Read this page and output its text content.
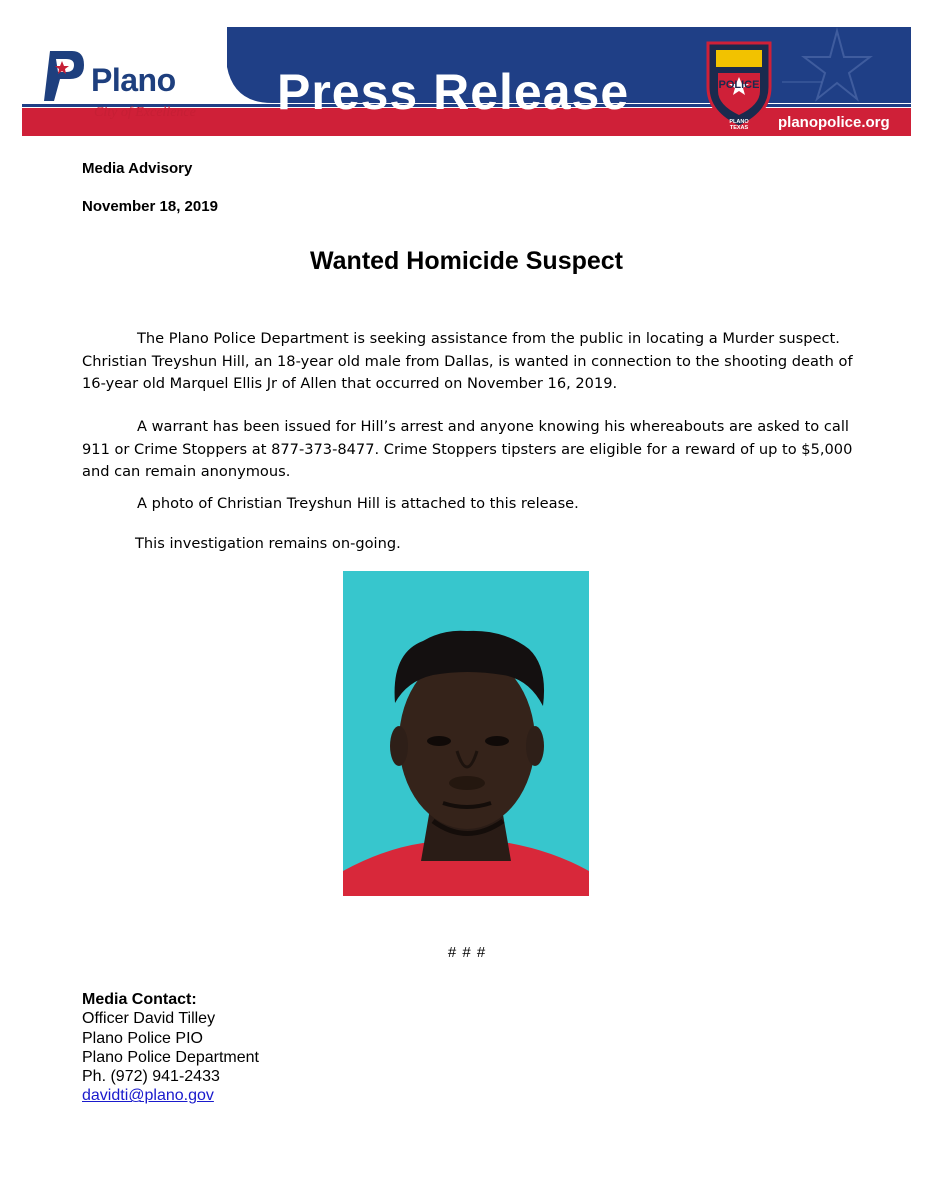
Plano
City of Excellence Press Release	POLICE
PLANO
TEXAS planopolice.org
Media Advisory
November 18, 2019
Wanted Homicide Suspect

The Plano Police Department is seeking assistance from the public in locating a Murder suspect. Christian Treyshun Hill, an 18-year old male from Dallas, is wanted in connection to the shooting death of 16-year old Marquel Ellis Jr of Allen that occurred on November 16, 2019.

A warrant has been issued for Hill’s arrest and anyone knowing his whereabouts are asked to call 911 or Crime Stoppers at 877-373-8477. Crime Stoppers tipsters are eligible for a reward of up to $5,000 and can remain anonymous.

A photo of Christian Treyshun Hill is attached to this release.
This investigation remains on-going.
# # #
Media Contact:
Officer David Tilley
Plano Police PIO
Plano Police Department
Ph. (972) 941-2433
davidti@plano.gov
